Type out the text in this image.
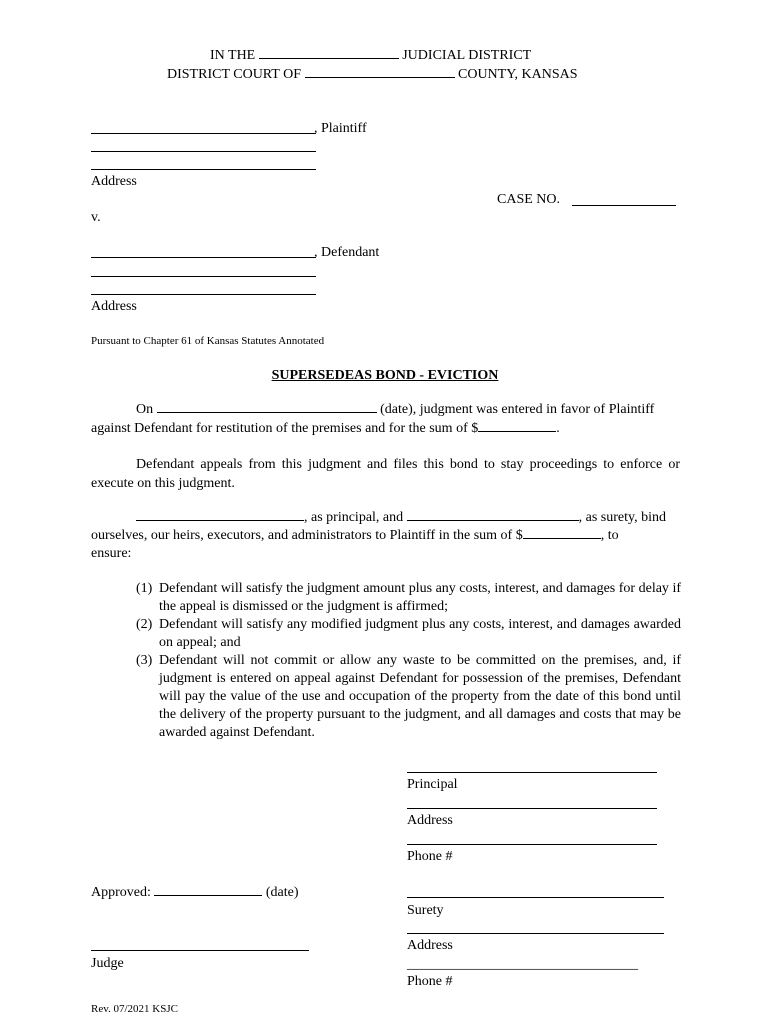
IN THE	JUDICIAL DISTRICT
DISTRICT COURT OF	COUNTY, KANSAS
, Plaintiff
Address
CASE NO.
v.
, Defendant
Address
Pursuant to Chapter 61 of Kansas Statutes Annotated
SUPERSEDEAS BOND - EVICTION
On	(date), judgment was entered in favor of Plaintiff
against Defendant for restitution of the premises and for the sum of $	.
Defendant appeals from this judgment and files this bond to stay proceedings to enforce or execute on this judgment.
, as principal, and	, as surety, bind
ourselves, our heirs, executors, and administrators to Plaintiff in the sum of $	, to
ensure:
(1) Defendant will satisfy the judgment amount plus any costs, interest, and damages for delay if the appeal is dismissed or the judgment is affirmed;
(2) Defendant will satisfy any modified judgment plus any costs, interest, and damages awarded on appeal; and
(3) Defendant will not commit or allow any waste to be committed on the premises, and, if judgment is entered on appeal against Defendant for possession of the premises, Defendant will pay the value of the use and occupation of the property from the date of this bond until the delivery of the property pursuant to the judgment, and all damages and costs that may be awarded against Defendant.
Principal
Address
Phone #
Approved:	(date)
Judge
Surety
Address
_________________________________
Phone #
Rev. 07/2021 KSJC
